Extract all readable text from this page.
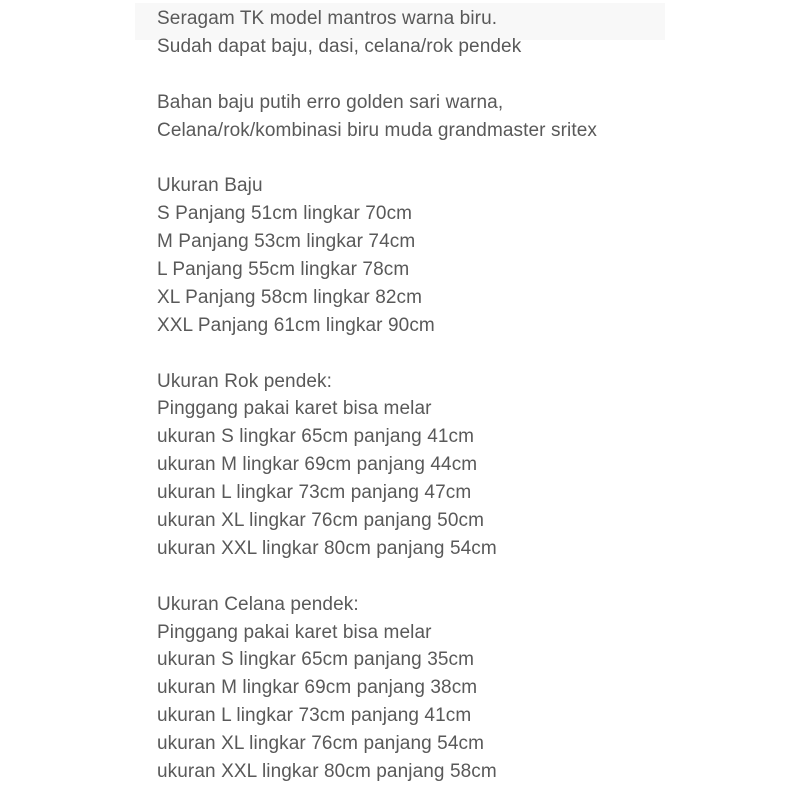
Seragam TK model mantros warna biru.
Sudah dapat baju, dasi, celana/rok pendek
Bahan baju putih erro golden sari warna,
Celana/rok/kombinasi biru muda grandmaster sritex
Ukuran Baju
S Panjang 51cm lingkar 70cm
M Panjang 53cm lingkar 74cm
L Panjang 55cm lingkar 78cm
XL Panjang 58cm lingkar 82cm
XXL Panjang 61cm lingkar 90cm
Ukuran Rok pendek:
Pinggang pakai karet bisa melar
ukuran S lingkar 65cm panjang 41cm
ukuran M lingkar 69cm panjang 44cm
ukuran L lingkar 73cm panjang 47cm
ukuran XL lingkar 76cm panjang 50cm
ukuran XXL lingkar 80cm panjang 54cm
Ukuran Celana pendek:
Pinggang pakai karet bisa melar
ukuran S lingkar 65cm panjang 35cm
ukuran M lingkar 69cm panjang 38cm
ukuran L lingkar 73cm panjang 41cm
ukuran XL lingkar 76cm panjang 54cm
ukuran XXL lingkar 80cm panjang 58cm
